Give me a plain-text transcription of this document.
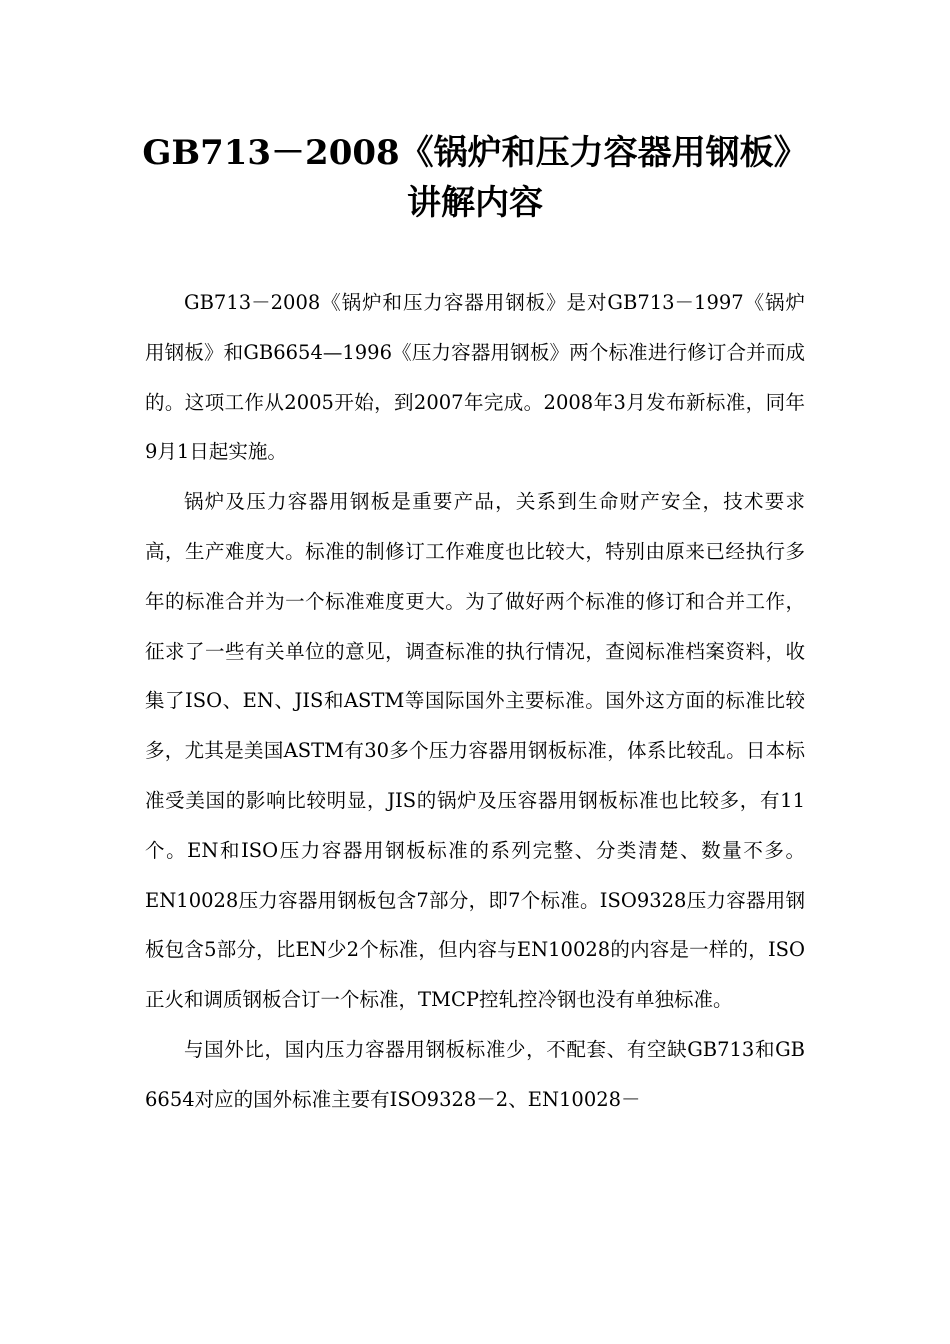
GB713－2008《锅炉和压力容器用钢板》
讲解内容

GB713－2008《锅炉和压力容器用钢板》是对GB713－1997《锅炉用钢板》和GB6654—1996《压力容器用钢板》两个标准进行修订合并而成的。这项工作从2005开始，到2007年完成。2008年3月发布新标准，同年9月1日起实施。

锅炉及压力容器用钢板是重要产品，关系到生命财产安全，技术要求高，生产难度大。标准的制修订工作难度也比较大，特别由原来已经执行多年的标准合并为一个标准难度更大。为了做好两个标准的修订和合并工作，征求了一些有关单位的意见，调查标准的执行情况，查阅标准档案资料，收集了ISO、EN、JIS和ASTM等国际国外主要标准。国外这方面的标准比较多，尤其是美国ASTM有30多个压力容器用钢板标准，体系比较乱。日本标准受美国的影响比较明显，JIS的锅炉及压容器用钢板标准也比较多，有11个。EN和ISO压力容器用钢板标准的系列完整、分类清楚、数量不多。EN10028压力容器用钢板包含7部分，即7个标准。ISO9328压力容器用钢板包含5部分，比EN少2个标准，但内容与EN10028的内容是一样的，ISO正火和调质钢板合订一个标准，TMCP控轧控冷钢也没有单独标准。

与国外比，国内压力容器用钢板标准少，不配套、有空缺GB713和GB 6654对应的国外标准主要有ISO9328－2、EN10028－
